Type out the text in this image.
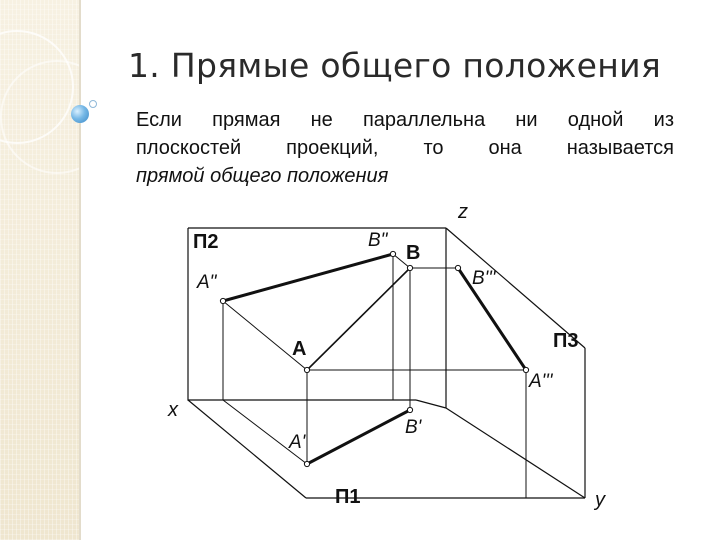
1. Прямые общего положения
Если прямая не параллельна ни одной из
плоскостей проекций, то она называется
прямой общего положения
П2
П3
П1
x
y
z
A
B
A"
B"
A'
B'
A'''
B'''
